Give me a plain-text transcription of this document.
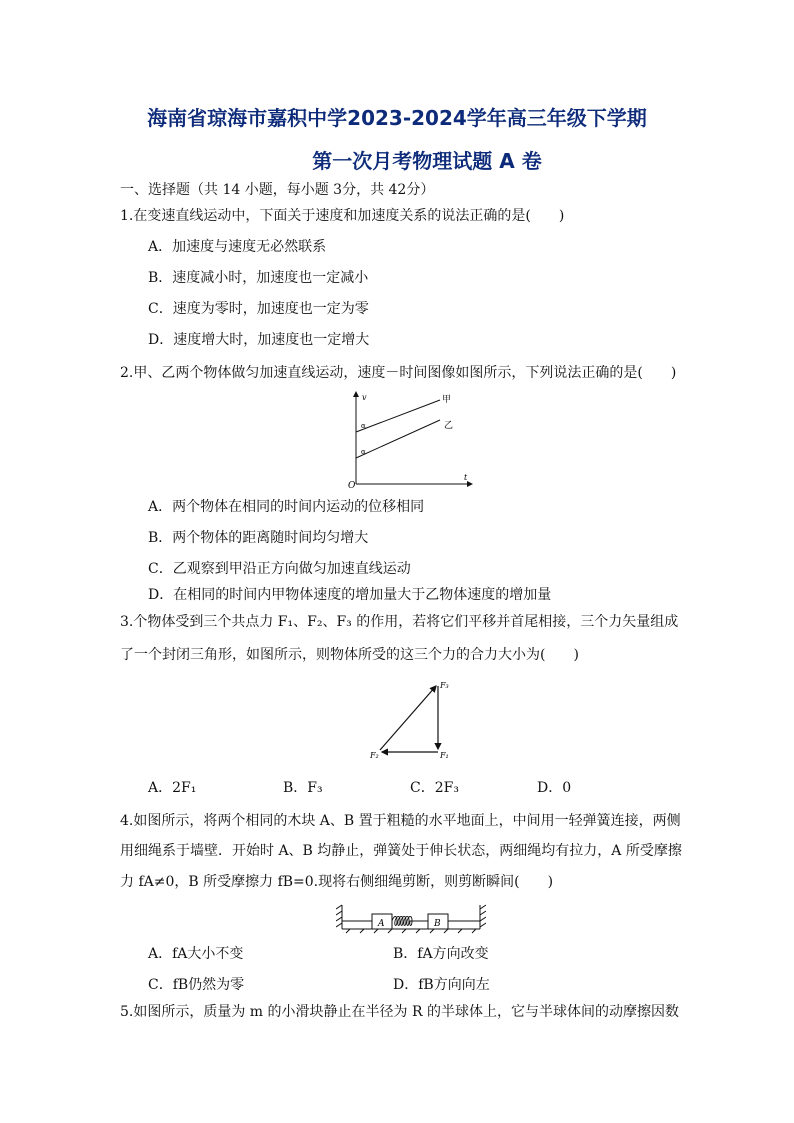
海南省琼海市嘉积中学2023-2024学年高三年级下学期
第一次月考物理试题 A 卷
一、选择题（共 14 小题，每小题 3分，共 42分）
1.在变速直线运动中，下面关于速度和加速度关系的说法正确的是(　　)
A．加速度与速度无必然联系
B．速度减小时，加速度也一定减小
C．速度为零时，加速度也一定为零
D．速度增大时，加速度也一定增大
2.甲、乙两个物体做匀加速直线运动，速度－时间图像如图所示，下列说法正确的是(　　)
v
t
O
甲
乙
α
α
A．两个物体在相同的时间内运动的位移相同
B．两个物体的距离随时间均匀增大
C．乙观察到甲沿正方向做匀加速直线运动
D．在相同的时间内甲物体速度的增加量大于乙物体速度的增加量
3.个物体受到三个共点力 F₁、F₂、F₃ 的作用，若将它们平移并首尾相接，三个力矢量组成
了一个封闭三角形，如图所示，则物体所受的这三个力的合力大小为(　　)
F₃
F₂	F₁
A．2F₁	B．F₃	C．2F₃	D．0
4.如图所示，将两个相同的木块 A、B 置于粗糙的水平地面上，中间用一轻弹簧连接，两侧
用细绳系于墙壁．开始时 A、B 均静止，弹簧处于伸长状态，两细绳均有拉力，A 所受摩擦
力 fA≠0，B 所受摩擦力 fB=0.现将右侧细绳剪断，则剪断瞬间(　　)
A	B
A．fA大小不变	B．fA方向改变
C．fB仍然为零	D．fB方向向左
5.如图所示，质量为 m 的小滑块静止在半径为 R 的半球体上，它与半球体间的动摩擦因数
